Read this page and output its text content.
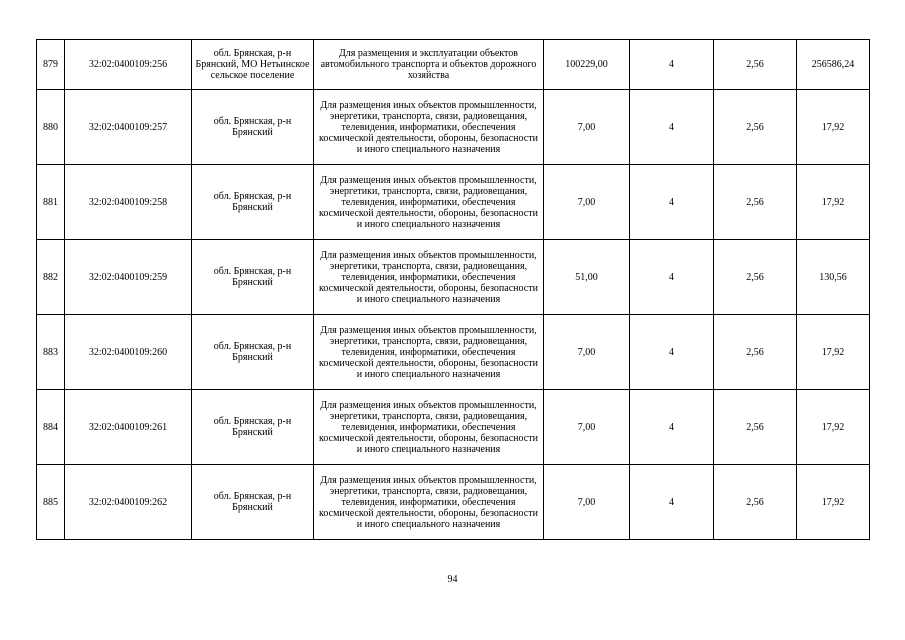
879	32:02:0400109:256	обл. Брянская, р-н Брянский, МО Нетьинское сельское поселение	Для размещения и эксплуатации объектов автомобильного транспорта и объектов дорожного хозяйства	100229,00	4	2,56	256586,24
880	32:02:0400109:257	обл. Брянская, р-н Брянский	Для размещения иных объектов промышленности, энергетики, транспорта, связи, радиовещания, телевидения, информатики, обеспечения космической деятельности, обороны, безопасности и иного специального назначения	7,00	4	2,56	17,92
881	32:02:0400109:258	обл. Брянская, р-н Брянский	Для размещения иных объектов промышленности, энергетики, транспорта, связи, радиовещания, телевидения, информатики, обеспечения космической деятельности, обороны, безопасности и иного специального назначения	7,00	4	2,56	17,92
882	32:02:0400109:259	обл. Брянская, р-н Брянский	Для размещения иных объектов промышленности, энергетики, транспорта, связи, радиовещания, телевидения, информатики, обеспечения космической деятельности, обороны, безопасности и иного специального назначения	51,00	4	2,56	130,56
883	32:02:0400109:260	обл. Брянская, р-н Брянский	Для размещения иных объектов промышленности, энергетики, транспорта, связи, радиовещания, телевидения, информатики, обеспечения космической деятельности, обороны, безопасности и иного специального назначения	7,00	4	2,56	17,92
884	32:02:0400109:261	обл. Брянская, р-н Брянский	Для размещения иных объектов промышленности, энергетики, транспорта, связи, радиовещания, телевидения, информатики, обеспечения космической деятельности, обороны, безопасности и иного специального назначения	7,00	4	2,56	17,92
885	32:02:0400109:262	обл. Брянская, р-н Брянский	Для размещения иных объектов промышленности, энергетики, транспорта, связи, радиовещания, телевидения, информатики, обеспечения космической деятельности, обороны, безопасности и иного специального назначения	7,00	4	2,56	17,92
94
